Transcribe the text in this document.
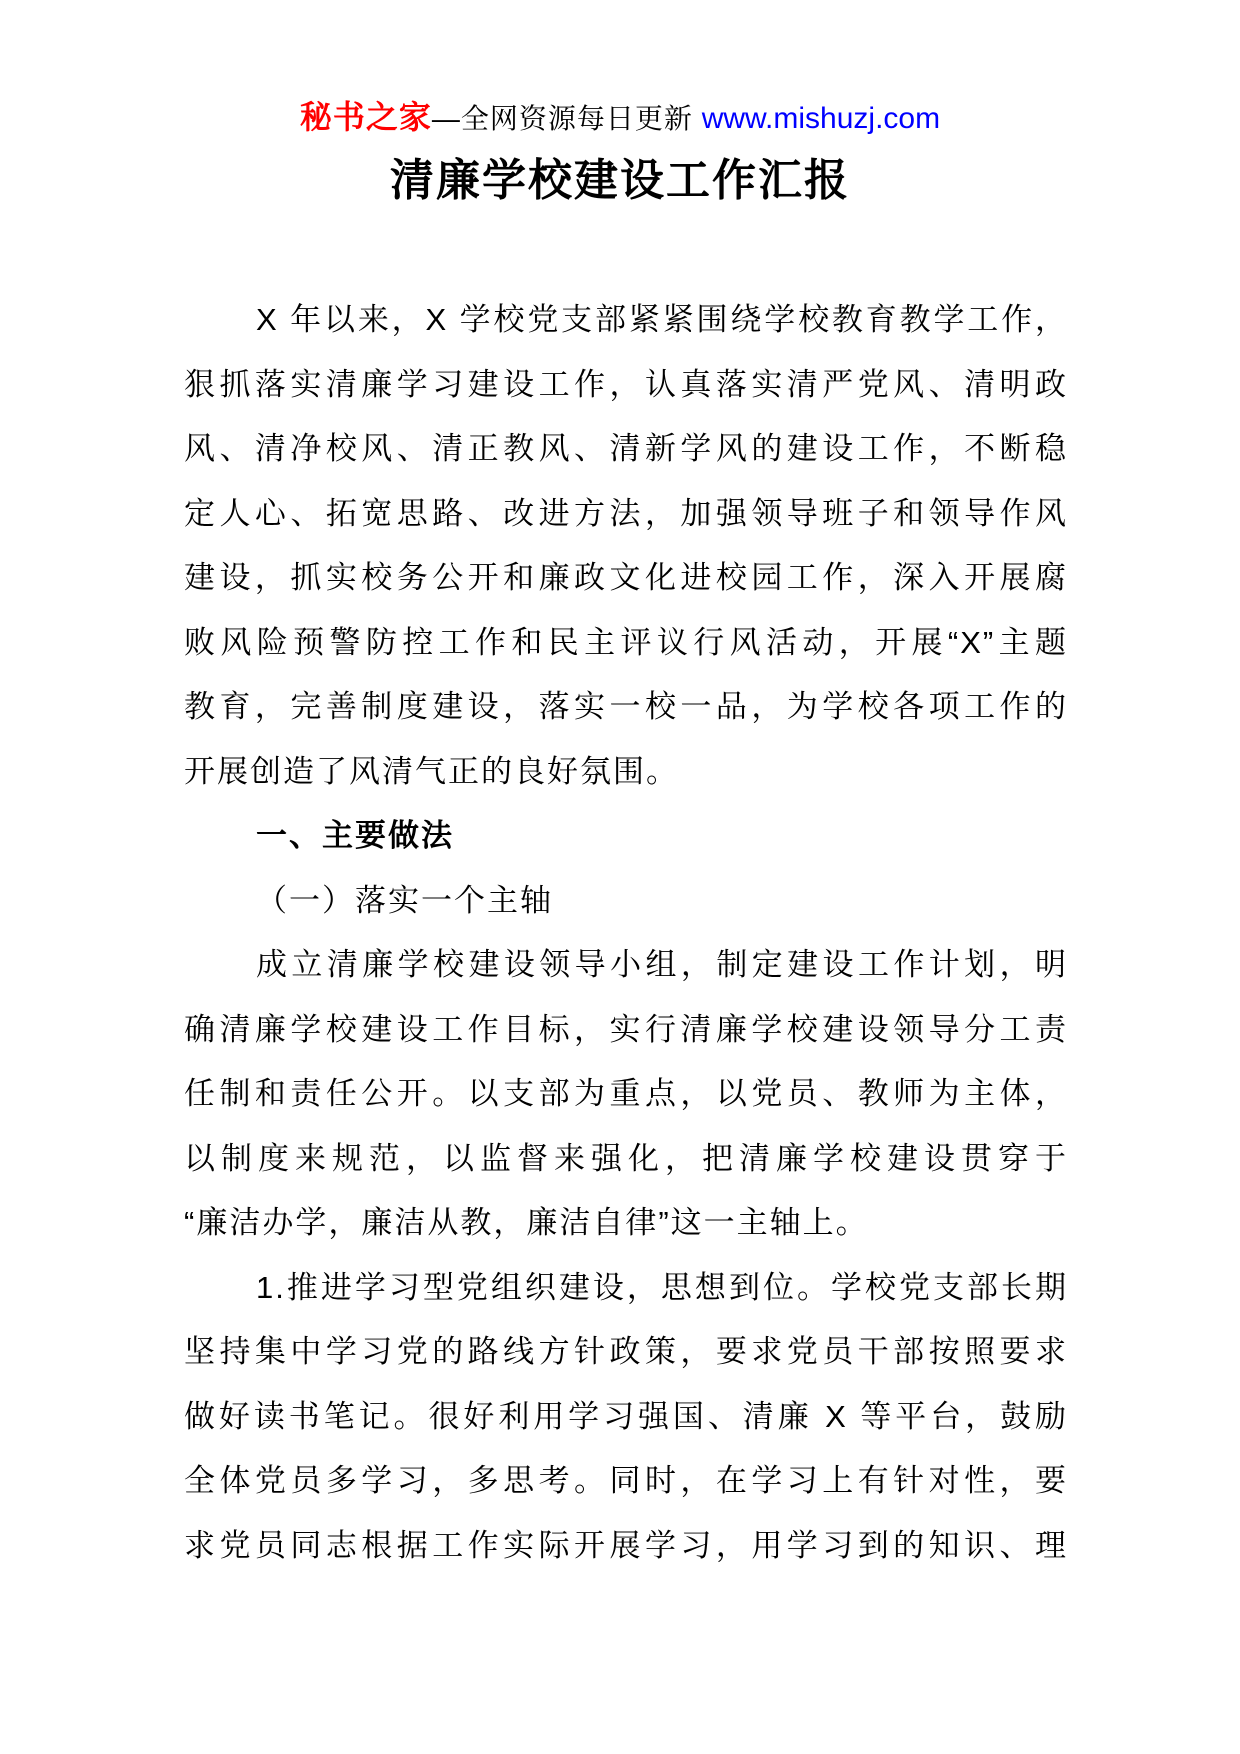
秘书之家—全网资源每日更新 www.mishuzj.com
清廉学校建设工作汇报
X 年以来，X 学校党支部紧紧围绕学校教育教学工作，
狠抓落实清廉学习建设工作，认真落实清严党风、清明政
风、清净校风、清正教风、清新学风的建设工作，不断稳
定人心、拓宽思路、改进方法，加强领导班子和领导作风
建设，抓实校务公开和廉政文化进校园工作，深入开展腐
败风险预警防控工作和民主评议行风活动，开展“X”主题
教育，完善制度建设，落实一校一品，为学校各项工作的
开展创造了风清气正的良好氛围。
一、主要做法
（一）落实一个主轴
成立清廉学校建设领导小组，制定建设工作计划，明
确清廉学校建设工作目标，实行清廉学校建设领导分工责
任制和责任公开。以支部为重点，以党员、教师为主体，
以制度来规范，以监督来强化，把清廉学校建设贯穿于
“廉洁办学，廉洁从教，廉洁自律”这一主轴上。
1.推进学习型党组织建设，思想到位。学校党支部长期
坚持集中学习党的路线方针政策，要求党员干部按照要求
做好读书笔记。很好利用学习强国、清廉 X 等平台，鼓励
全体党员多学习，多思考。同时，在学习上有针对性，要
求党员同志根据工作实际开展学习，用学习到的知识、理
